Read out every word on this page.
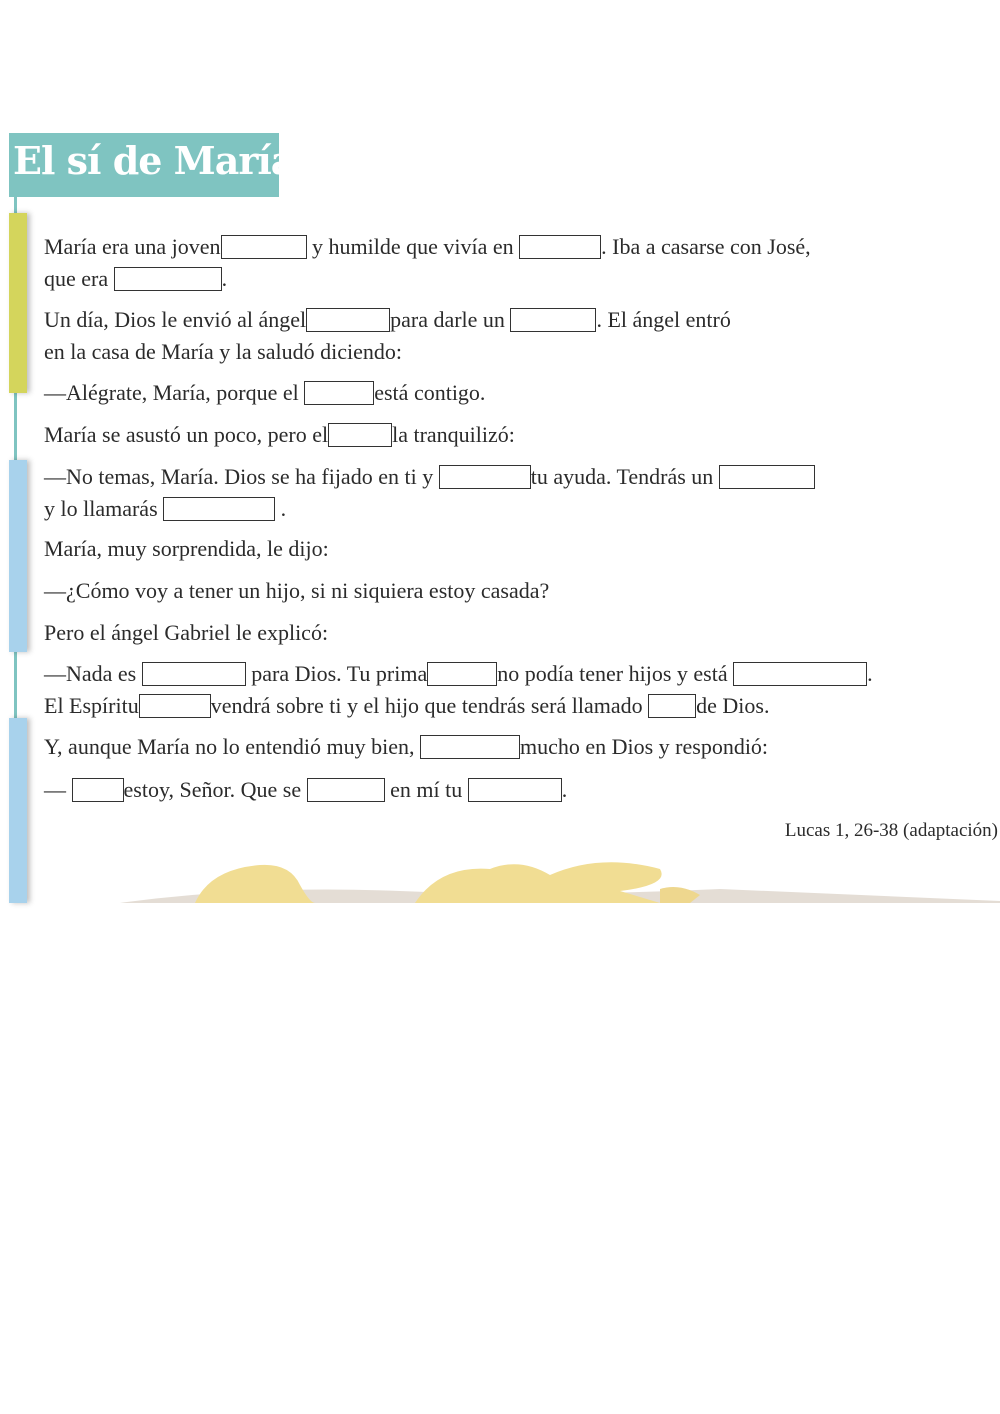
El sí de María

María era una joven	y humilde que vivía en	. Iba a casarse con José,
que era	.

Un día, Dios le envió al ángel	para darle un	. El ángel entró
en la casa de María y la saludó diciendo:

—Alégrate, María, porque el	está contigo.

María se asustó un poco, pero el	la tranquilizó:

—No temas, María. Dios se ha fijado en ti y	tu ayuda. Tendrás un
y lo llamarás	.

María, muy sorprendida, le dijo:

—¿Cómo voy a tener un hijo, si ni siquiera estoy casada?

Pero el ángel Gabriel le explicó:

—Nada es	para Dios. Tu prima	no podía tener hijos y está	.
El Espíritu	vendrá sobre ti y el hijo que tendrás será llamado de Dios.

Y, aunque María no lo entendió muy bien,	mucho en Dios y respondió:

— estoy, Señor. Que se	en mí tu	.

Lucas 1, 26-38 (adaptación)
